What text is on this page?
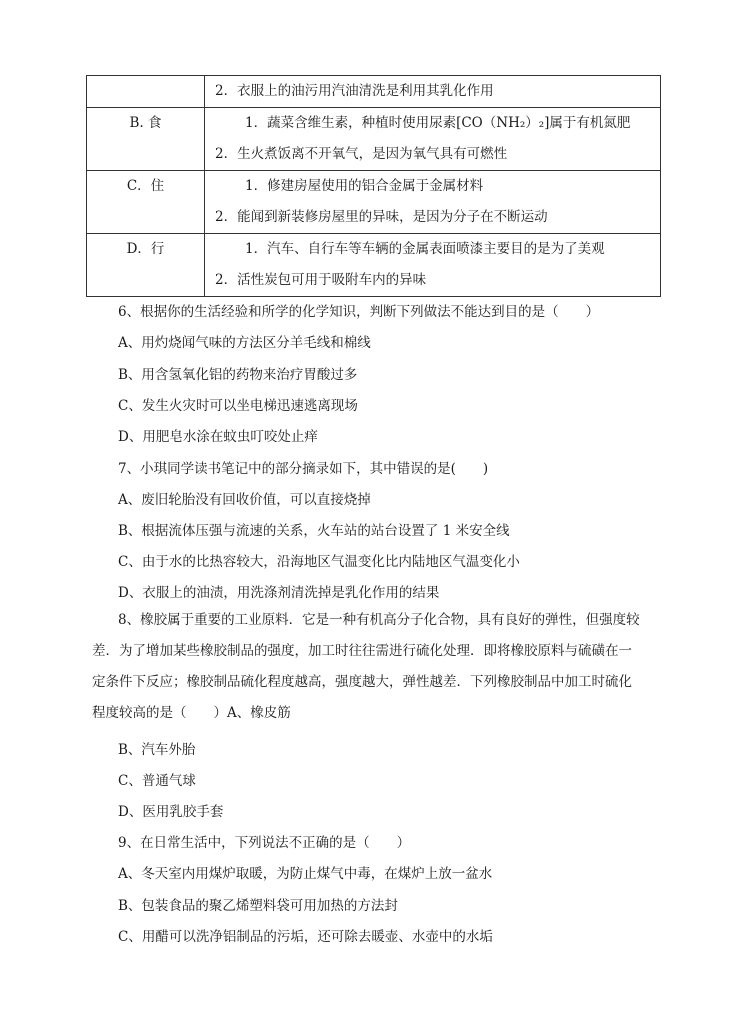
	2．衣服上的油污用汽油清洗是利用其乳化作用

B. 食	1．蔬菜含维生素，种植时使用尿素[CO（NH₂）₂]属于有机氮肥
2．生火煮饭离不开氧气，是因为氧气具有可燃性

C．住	1．修建房屋使用的铝合金属于金属材料
2．能闻到新装修房屋里的异味，是因为分子在不断运动

D．行	1．汽车、自行车等车辆的金属表面喷漆主要目的是为了美观
2．活性炭包可用于吸附车内的异味
6、根据你的生活经验和所学的化学知识，判断下列做法不能达到目的是（　　）
A、用灼烧闻气味的方法区分羊毛线和棉线
B、用含氢氧化铝的药物来治疗胃酸过多
C、发生火灾时可以坐电梯迅速逃离现场
D、用肥皂水涂在蚊虫叮咬处止痒
7、小琪同学读书笔记中的部分摘录如下，其中错误的是(　　)
A、废旧轮胎没有回收价值，可以直接烧掉
B、根据流体压强与流速的关系，火车站的站台设置了 1 米安全线
C、由于水的比热容较大，沿海地区气温变化比内陆地区气温变化小
D、衣服上的油渍，用洗涤剂清洗掉是乳化作用的结果
8、橡胶属于重要的工业原料．它是一种有机高分子化合物，具有良好的弹性，但强度较
差．为了增加某些橡胶制品的强度，加工时往往需进行硫化处理．即将橡胶原料与硫磺在一
定条件下反应；橡胶制品硫化程度越高，强度越大，弹性越差．下列橡胶制品中加工时硫化
程度较高的是（　　）A、橡皮筋
B、汽车外胎
C、普通气球
D、医用乳胶手套
9、在日常生活中，下列说法不正确的是（　　）
A、冬天室内用煤炉取暖，为防止煤气中毒，在煤炉上放一盆水
B、包装食品的聚乙烯塑料袋可用加热的方法封
C、用醋可以洗净铝制品的污垢，还可除去暖壶、水壶中的水垢
